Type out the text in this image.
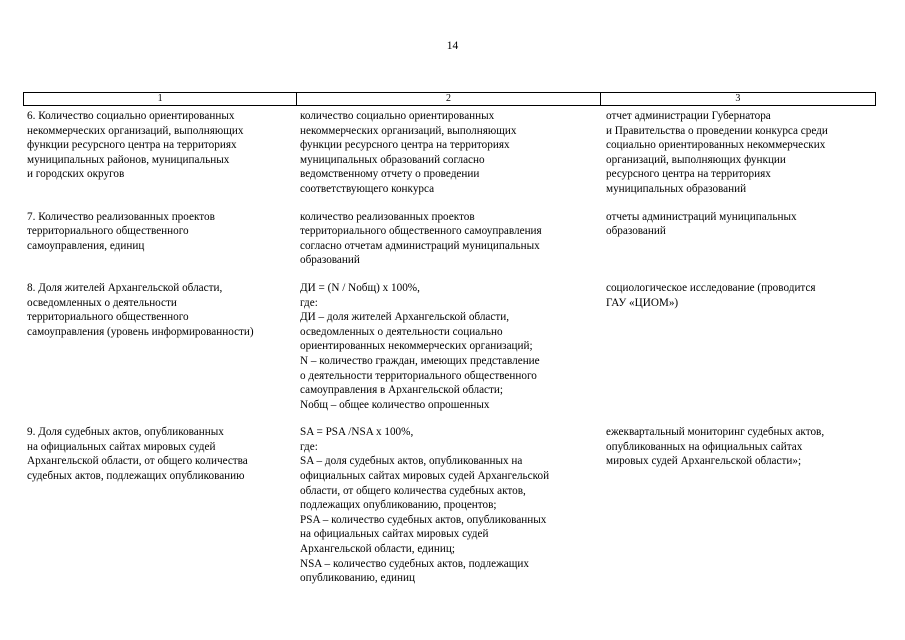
14
1	2	3
6. Количество социально ориентированных
некоммерческих организаций, выполняющих
функции ресурсного центра на территориях
муниципальных районов, муниципальных
и городских округов
количество социально ориентированных
некоммерческих организаций, выполняющих
функции ресурсного центра на территориях
муниципальных образований согласно
ведомственному отчету о проведении
соответствующего конкурса
отчет администрации Губернатора
и Правительства о проведении конкурса среди
социально ориентированных некоммерческих
организаций, выполняющих функции
ресурсного центра на территориях
муниципальных образований
7. Количество реализованных проектов
территориального общественного
самоуправления, единиц
количество реализованных проектов
территориального общественного самоуправления
согласно отчетам администраций муниципальных
образований
отчеты администраций муниципальных
образований
8. Доля жителей Архангельской области,
осведомленных о деятельности
территориального общественного
самоуправления (уровень информированности)
ДИ = (N / Nобщ) x 100%,
где:
ДИ – доля жителей Архангельской области,
осведомленных о деятельности социально
ориентированных некоммерческих организаций;
N – количество граждан, имеющих представление
о деятельности территориального общественного
самоуправления в Архангельской области;
Nобщ – общее количество опрошенных
социологическое исследование (проводится
ГАУ «ЦИОМ»)
9. Доля судебных актов, опубликованных
на официальных сайтах мировых судей
Архангельской области, от общего количества
судебных актов, подлежащих опубликованию
SA = PSA /NSA x 100%,
где:
SA – доля судебных актов, опубликованных на
официальных сайтах мировых судей Архангельской
области, от общего количества судебных актов,
подлежащих опубликованию, процентов;
PSA – количество судебных актов, опубликованных
на официальных сайтах мировых судей
Архангельской области, единиц;
NSA – количество судебных актов, подлежащих
опубликованию, единиц
ежеквартальный мониторинг судебных актов,
опубликованных на официальных сайтах
мировых судей Архангельской области»;
